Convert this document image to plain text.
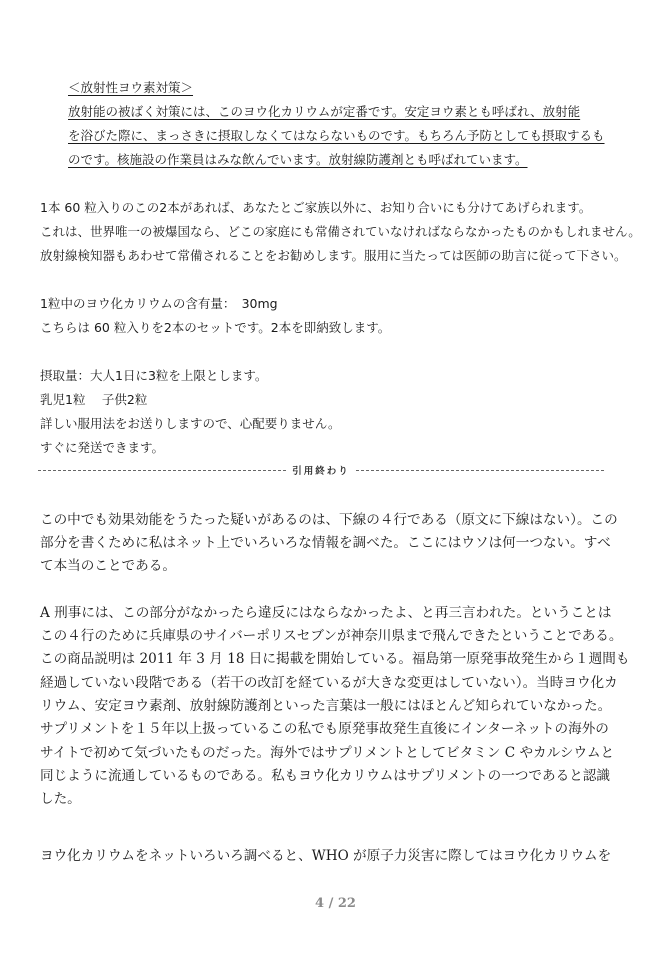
＜放射性ヨウ素対策＞
放射能の被ばく対策には、このヨウ化カリウムが定番です。安定ヨウ素とも呼ばれ、放射能
を浴びた際に、まっさきに摂取しなくてはならないものです。もちろん予防としても摂取するも
のです。核施設の作業員はみな飲んでいます。放射線防護剤とも呼ばれています。
1本 60 粒入りのこの2本があれば、あなたとご家族以外に、お知り合いにも分けてあげられます。
これは、世界唯一の被爆国なら、どこの家庭にも常備されていなければならなかったものかもしれません。
放射線検知器もあわせて常備されることをお勧めします。服用に当たっては医師の助言に従って下さい。
1粒中のヨウ化カリウムの含有量：　30mg
こちらは 60 粒入りを2本のセットです。2本を即納致します。
摂取量：大人1日に3粒を上限とします。
乳児1粒　 子供2粒
詳しい服用法をお送りしますので、心配要りません。
すぐに発送できます。
引用終わり
この中でも効果効能をうたった疑いがあるのは、下線の４行である（原文に下線はない）。この
部分を書くために私はネット上でいろいろな情報を調べた。ここにはウソは何一つない。すべ
て本当のことである。
A 刑事には、この部分がなかったら違反にはならなかったよ、と再三言われた。ということは
この４行のために兵庫県のサイバーポリスセブンが神奈川県まで飛んできたということである。
この商品説明は 2011 年 3 月 18 日に掲載を開始している。福島第一原発事故発生から１週間も
経過していない段階である（若干の改訂を経ているが大きな変更はしていない）。当時ヨウ化カ
リウム、安定ヨウ素剤、放射線防護剤といった言葉は一般にはほとんど知られていなかった。
サプリメントを１５年以上扱っているこの私でも原発事故発生直後にインターネットの海外の
サイトで初めて気づいたものだった。海外ではサプリメントとしてビタミン C やカルシウムと
同じように流通しているものである。私もヨウ化カリウムはサプリメントの一つであると認識
した。
ヨウ化カリウムをネットいろいろ調べると、WHO が原子力災害に際してはヨウ化カリウムを
4 / 22
